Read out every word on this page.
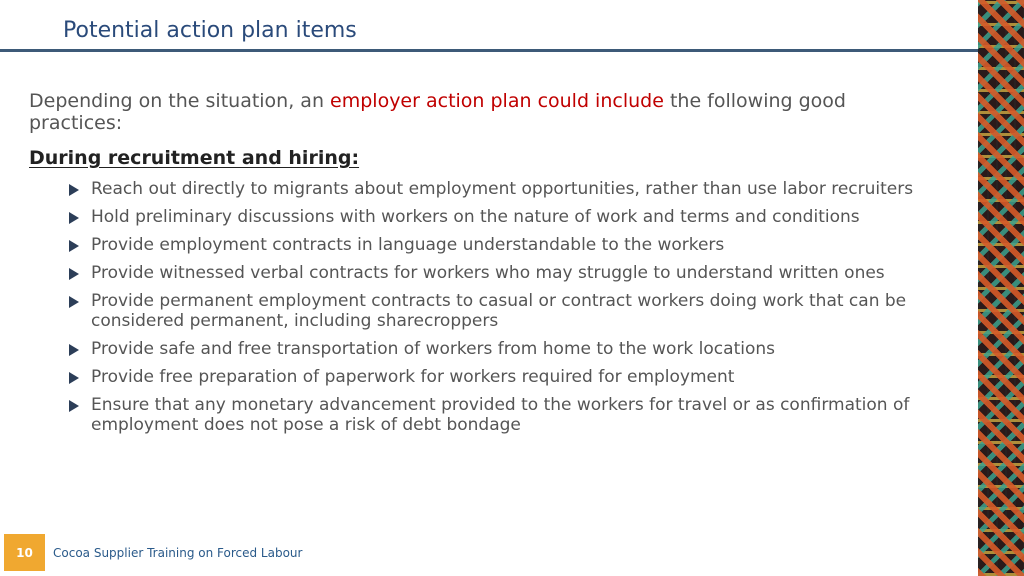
Potential action plan items
Depending on the situation, an employer action plan could include the following good practices:
During recruitment and hiring:
Reach out directly to migrants about employment opportunities, rather than use labor recruiters
Hold preliminary discussions with workers on the nature of work and terms and conditions
Provide employment contracts in language understandable to the workers
Provide witnessed verbal contracts for workers who may struggle to understand written ones
Provide permanent employment contracts to casual or contract workers doing work that can be considered permanent, including sharecroppers
Provide safe and free transportation of workers from home to the work locations
Provide free preparation of paperwork for workers required for employment
Ensure that any monetary advancement provided to the workers for travel or as confirmation of employment does not pose a risk of debt bondage
10	Cocoa Supplier Training on Forced Labour
